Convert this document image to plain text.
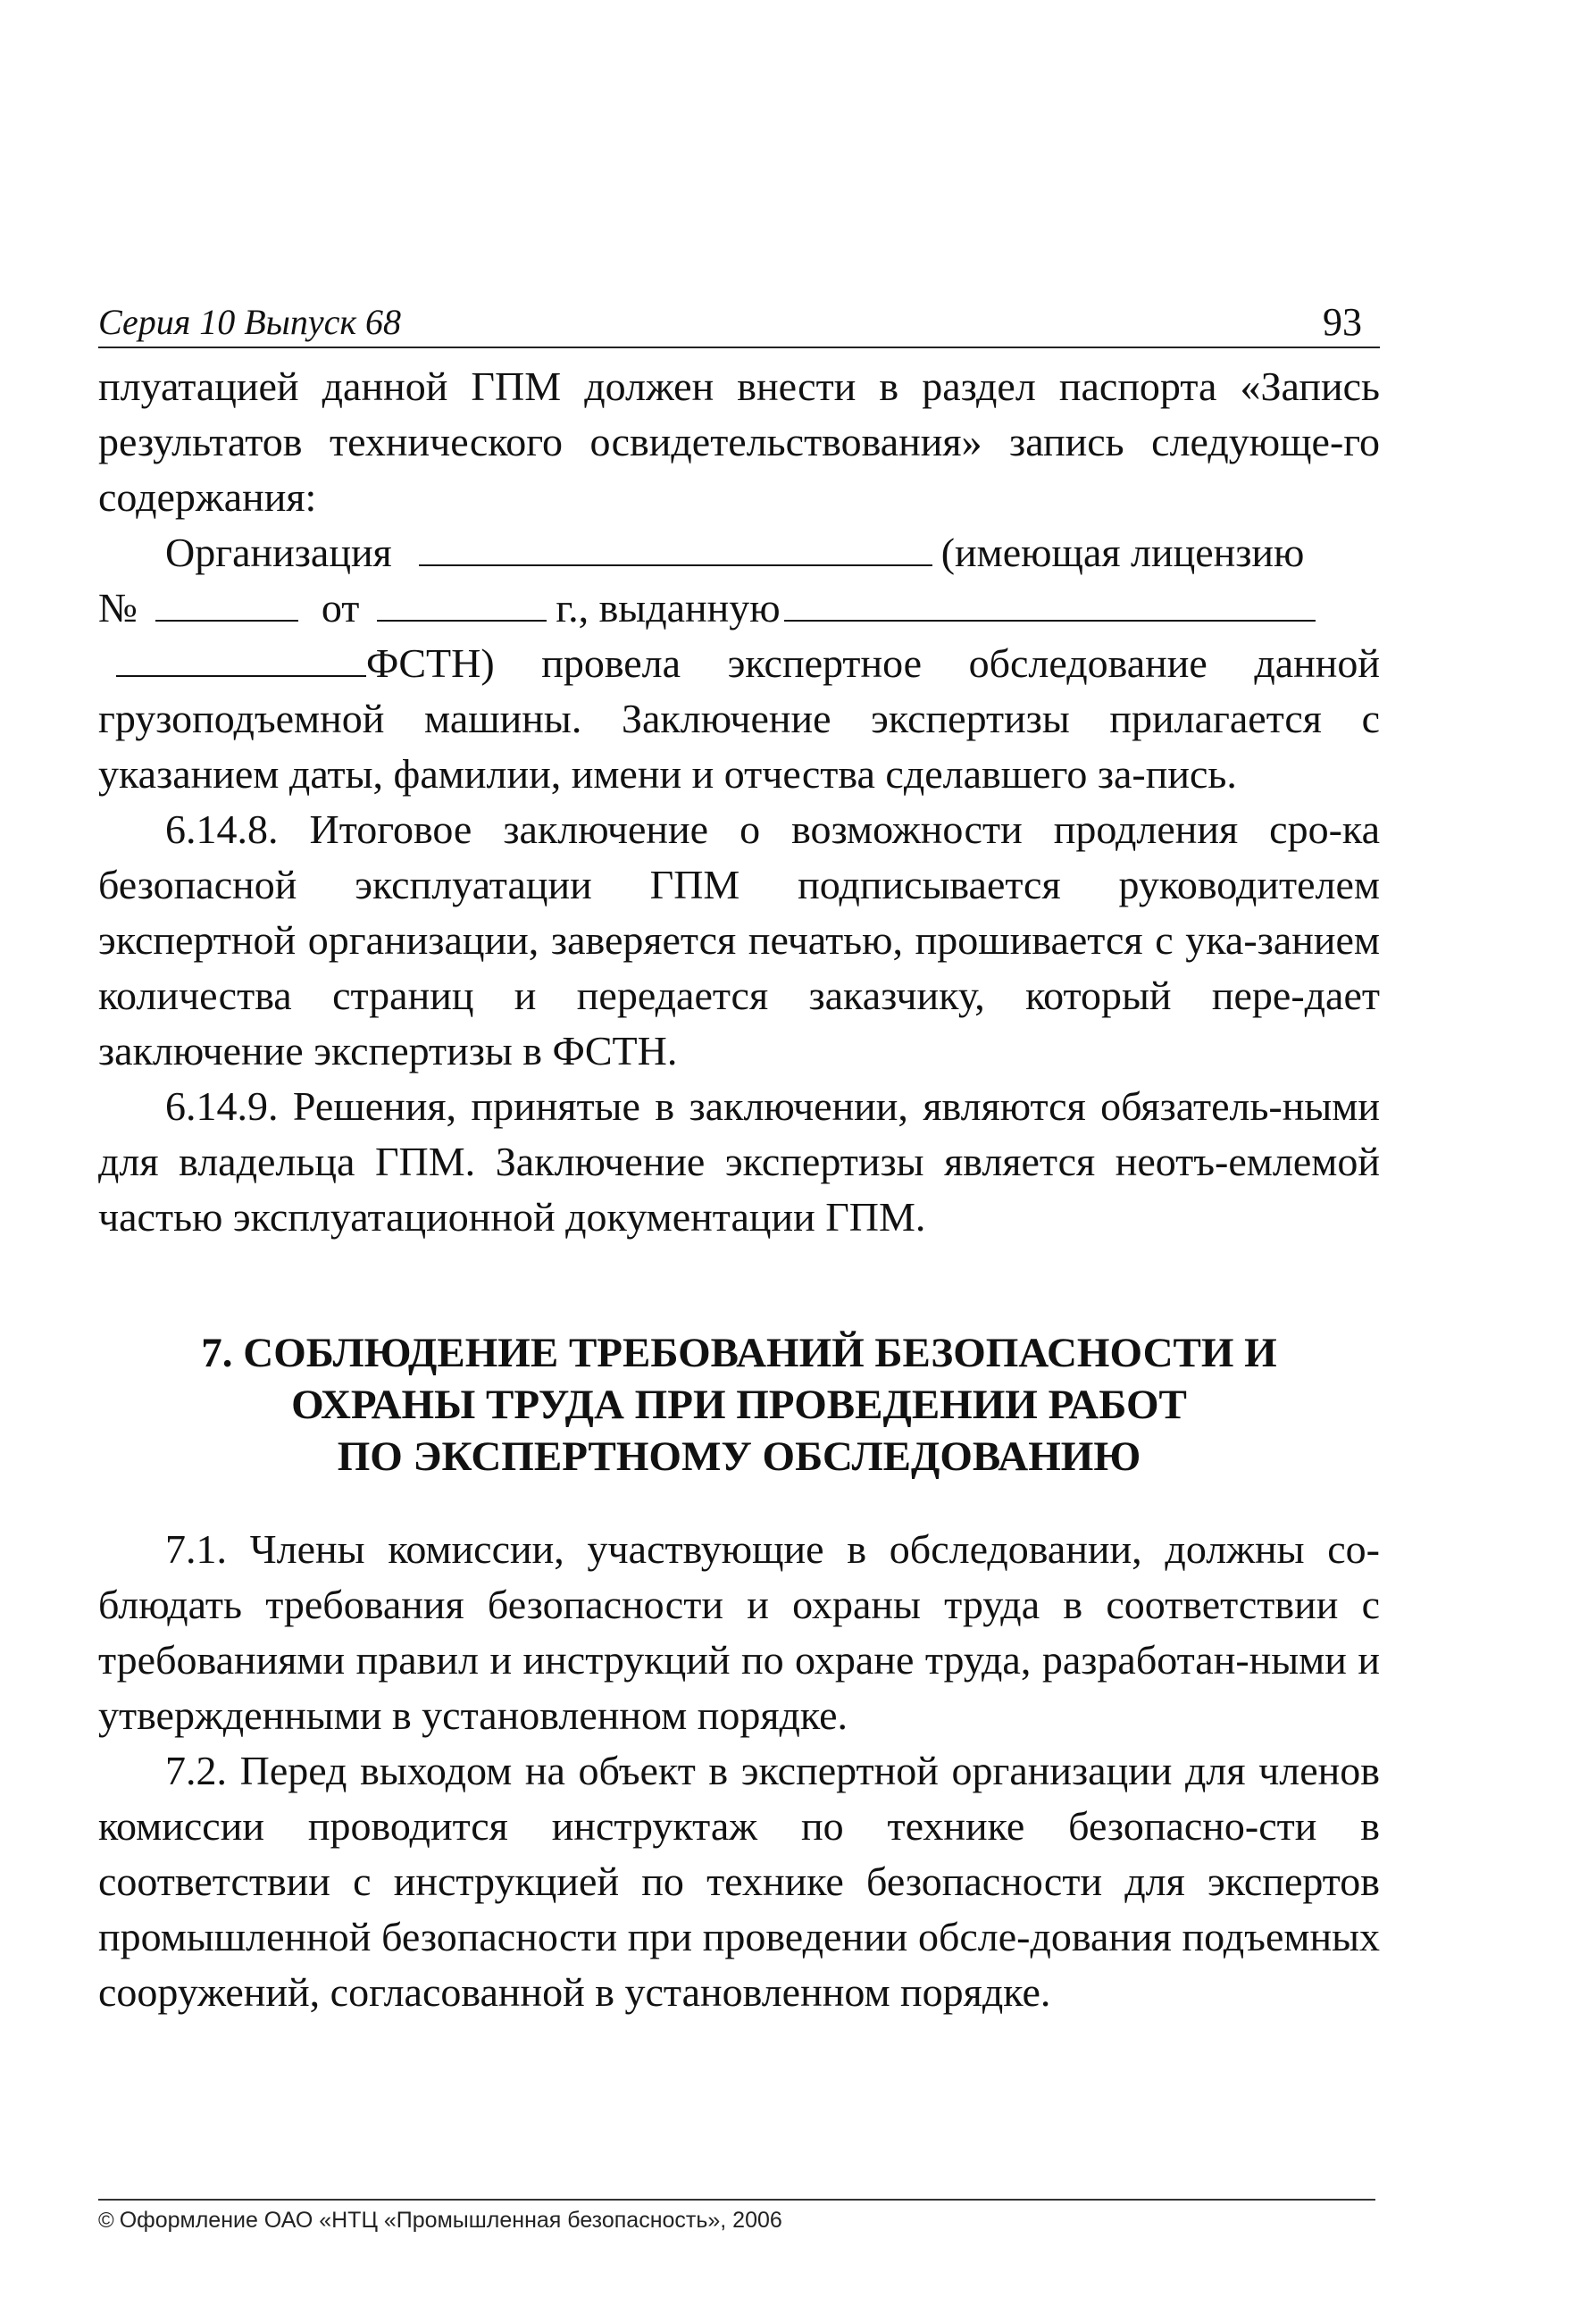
Серия 10 Выпуск 68	93

плуатацией данной ГПМ должен внести в раздел паспорта «Запись результатов технического освидетельствования» запись следующе-го содержания:

Организация	(имеющая лицензию
№	от	г., выданную

ФСТН) провела экспертное обследование данной грузоподъемной машины. Заключение экспертизы прилагается с указанием даты, фамилии, имени и отчества сделавшего за-пись.

6.14.8. Итоговое заключение о возможности продления сро-ка безопасной эксплуатации ГПМ подписывается руководителем экспертной организации, заверяется печатью, прошивается с ука-занием количества страниц и передается заказчику, который пере-дает заключение экспертизы в ФСТН.

6.14.9. Решения, принятые в заключении, являются обязатель-ными для владельца ГПМ. Заключение экспертизы является неотъ-емлемой частью эксплуатационной документации ГПМ.

7. СОБЛЮДЕНИЕ ТРЕБОВАНИЙ БЕЗОПАСНОСТИ И
ОХРАНЫ ТРУДА ПРИ ПРОВЕДЕНИИ РАБОТ
ПО ЭКСПЕРТНОМУ ОБСЛЕДОВАНИЮ

7.1. Члены комиссии, участвующие в обследовании, должны со-блюдать требования безопасности и охраны труда в соответствии с требованиями правил и инструкций по охране труда, разработан-ными и утвержденными в установленном порядке.

7.2. Перед выходом на объект в экспертной организации для членов комиссии проводится инструктаж по технике безопасно-сти в соответствии с инструкцией по технике безопасности для экспертов промышленной безопасности при проведении обсле-дования подъемных сооружений, согласованной в установленном порядке.

© Оформление ОАО «НТЦ «Промышленная безопасность», 2006
